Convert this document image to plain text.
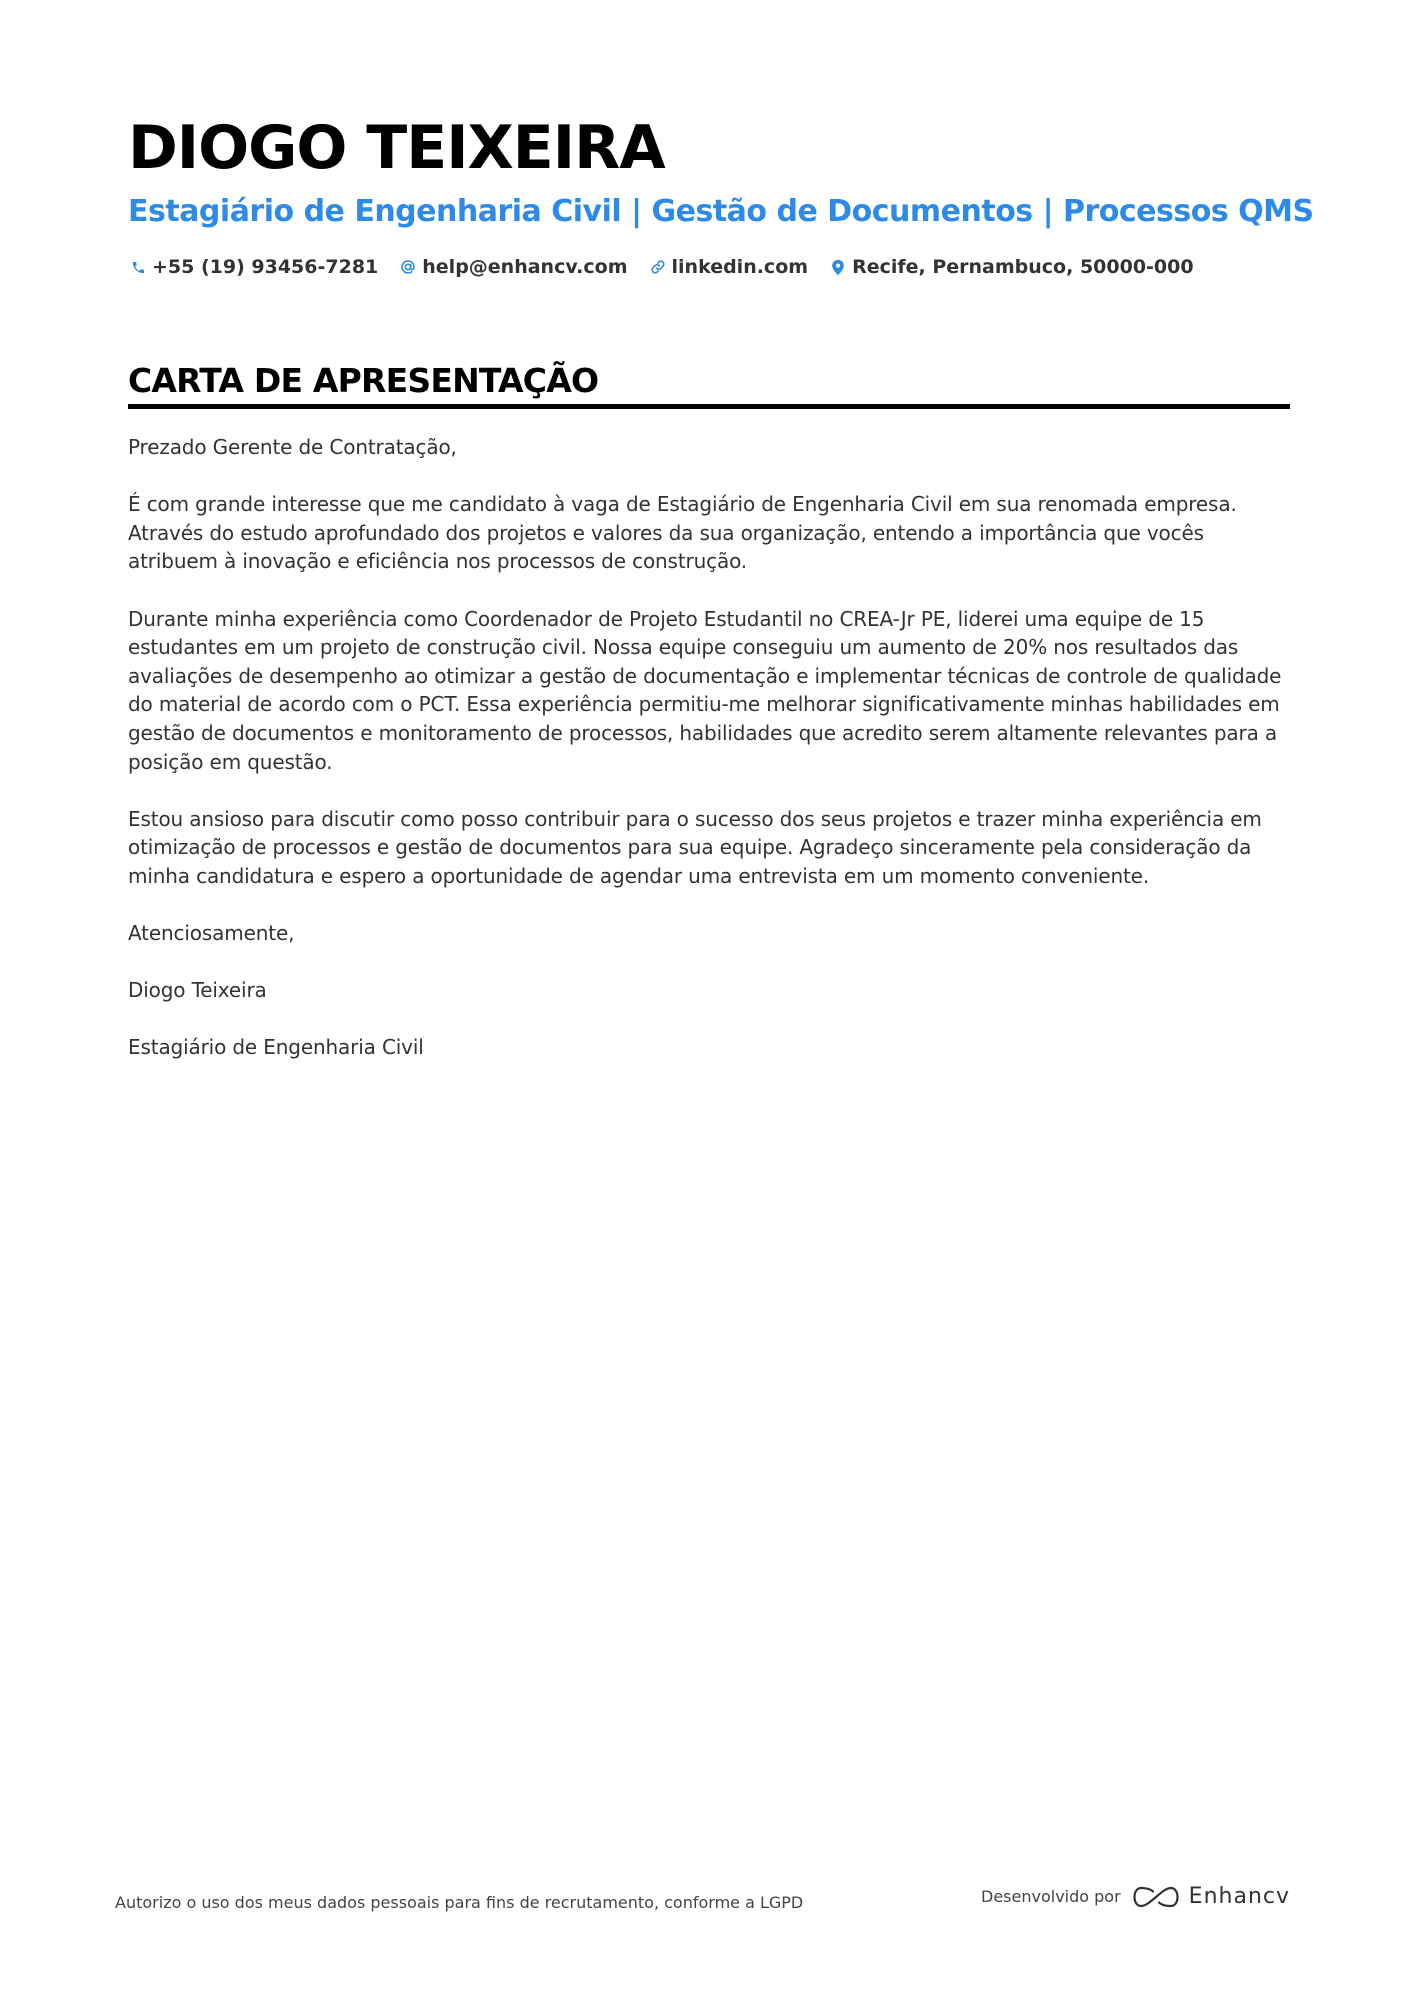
DIOGO TEIXEIRA
Estagiário de Engenharia Civil | Gestão de Documentos | Processos QMS
+55 (19) 93456-7281 help@enhancv.com linkedin.com Recife, Pernambuco, 50000-000
CARTA DE APRESENTAÇÃO

Prezado Gerente de Contratação,

É com grande interesse que me candidato à vaga de Estagiário de Engenharia Civil em sua renomada empresa. Através do estudo aprofundado dos projetos e valores da sua organização, entendo a importância que vocês atribuem à inovação e eficiência nos processos de construção.

Durante minha experiência como Coordenador de Projeto Estudantil no CREA-Jr PE, liderei uma equipe de 15 estudantes em um projeto de construção civil. Nossa equipe conseguiu um aumento de 20% nos resultados das avaliações de desempenho ao otimizar a gestão de documentação e implementar técnicas de controle de qualidade do material de acordo com o PCT. Essa experiência permitiu-me melhorar significativamente minhas habilidades em gestão de documentos e monitoramento de processos, habilidades que acredito serem altamente relevantes para a posição em questão.

Estou ansioso para discutir como posso contribuir para o sucesso dos seus projetos e trazer minha experiência em otimização de processos e gestão de documentos para sua equipe. Agradeço sinceramente pela consideração da minha candidatura e espero a oportunidade de agendar uma entrevista em um momento conveniente.

Atenciosamente,

Diogo Teixeira

Estagiário de Engenharia Civil

Autorizo o uso dos meus dados pessoais para fins de recrutamento, conforme a LGPD	Desenvolvido por	Enhancv
